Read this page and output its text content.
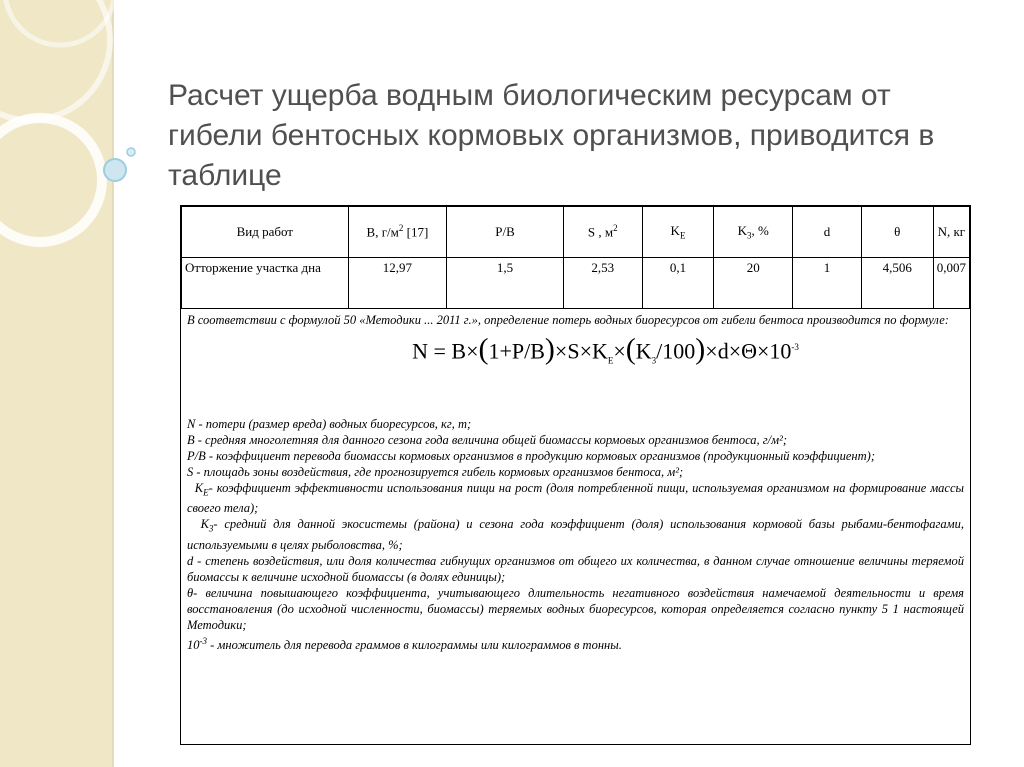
Расчет ущерба водным биологическим ресурсам от гибели бентосных кормовых организмов, приводится в таблице
Вид работ	B, $г/м^2$ [17]	P/B	S , $м^2$	$K_E$	$K_3$, %	d	θ	N, кг
Отторжение участка дна	12,97	1,5	2,53	0,1	20	1	4,506	0,007

В соответствии с формулой 50 «Методики ... 2011 г.», определение потерь водных биоресурсов от гибели бентоса производится по формуле:

$N = B\times(1+P/B)\times S\times K_E\times(K_3/100)\times d\times\Theta\times 10^{-3}$

N - потери (размер вреда) водных биоресурсов, кг, т;

B - средняя многолетняя для данного сезона года величина общей биомассы кормовых организмов бентоса, г/м²;

P/B - коэффициент перевода биомассы кормовых организмов в продукцию кормовых организмов (продукционный коэффициент);

S - площадь зоны воздействия, где прогнозируется гибель кормовых организмов бентоса, м²;

$K_E-$ коэффициент эффективности использования пищи на рост (доля потребленной пищи, используемая организмом на формирование массы своего тела);

$K_3-$ средний для данной экосистемы (района) и сезона года коэффициент (доля) использования кормовой базы рыбами-бентофагами, используемыми в целях рыболовства, %;

d - степень воздействия, или доля количества гибнущих организмов от общего их количества, в данном случае отношение величины теряемой биомассы к величине исходной биомассы (в долях единицы);

θ- величина повышающего коэффициента, учитывающего длительность негативного воздействия намечаемой деятельности и время восстановления (до исходной численности, биомассы) теряемых водных биоресурсов, которая определяется согласно пункту 5 1 настоящей Методики;

$10^{-3}$ - множитель для перевода граммов в килограммы или килограммов в тонны.
